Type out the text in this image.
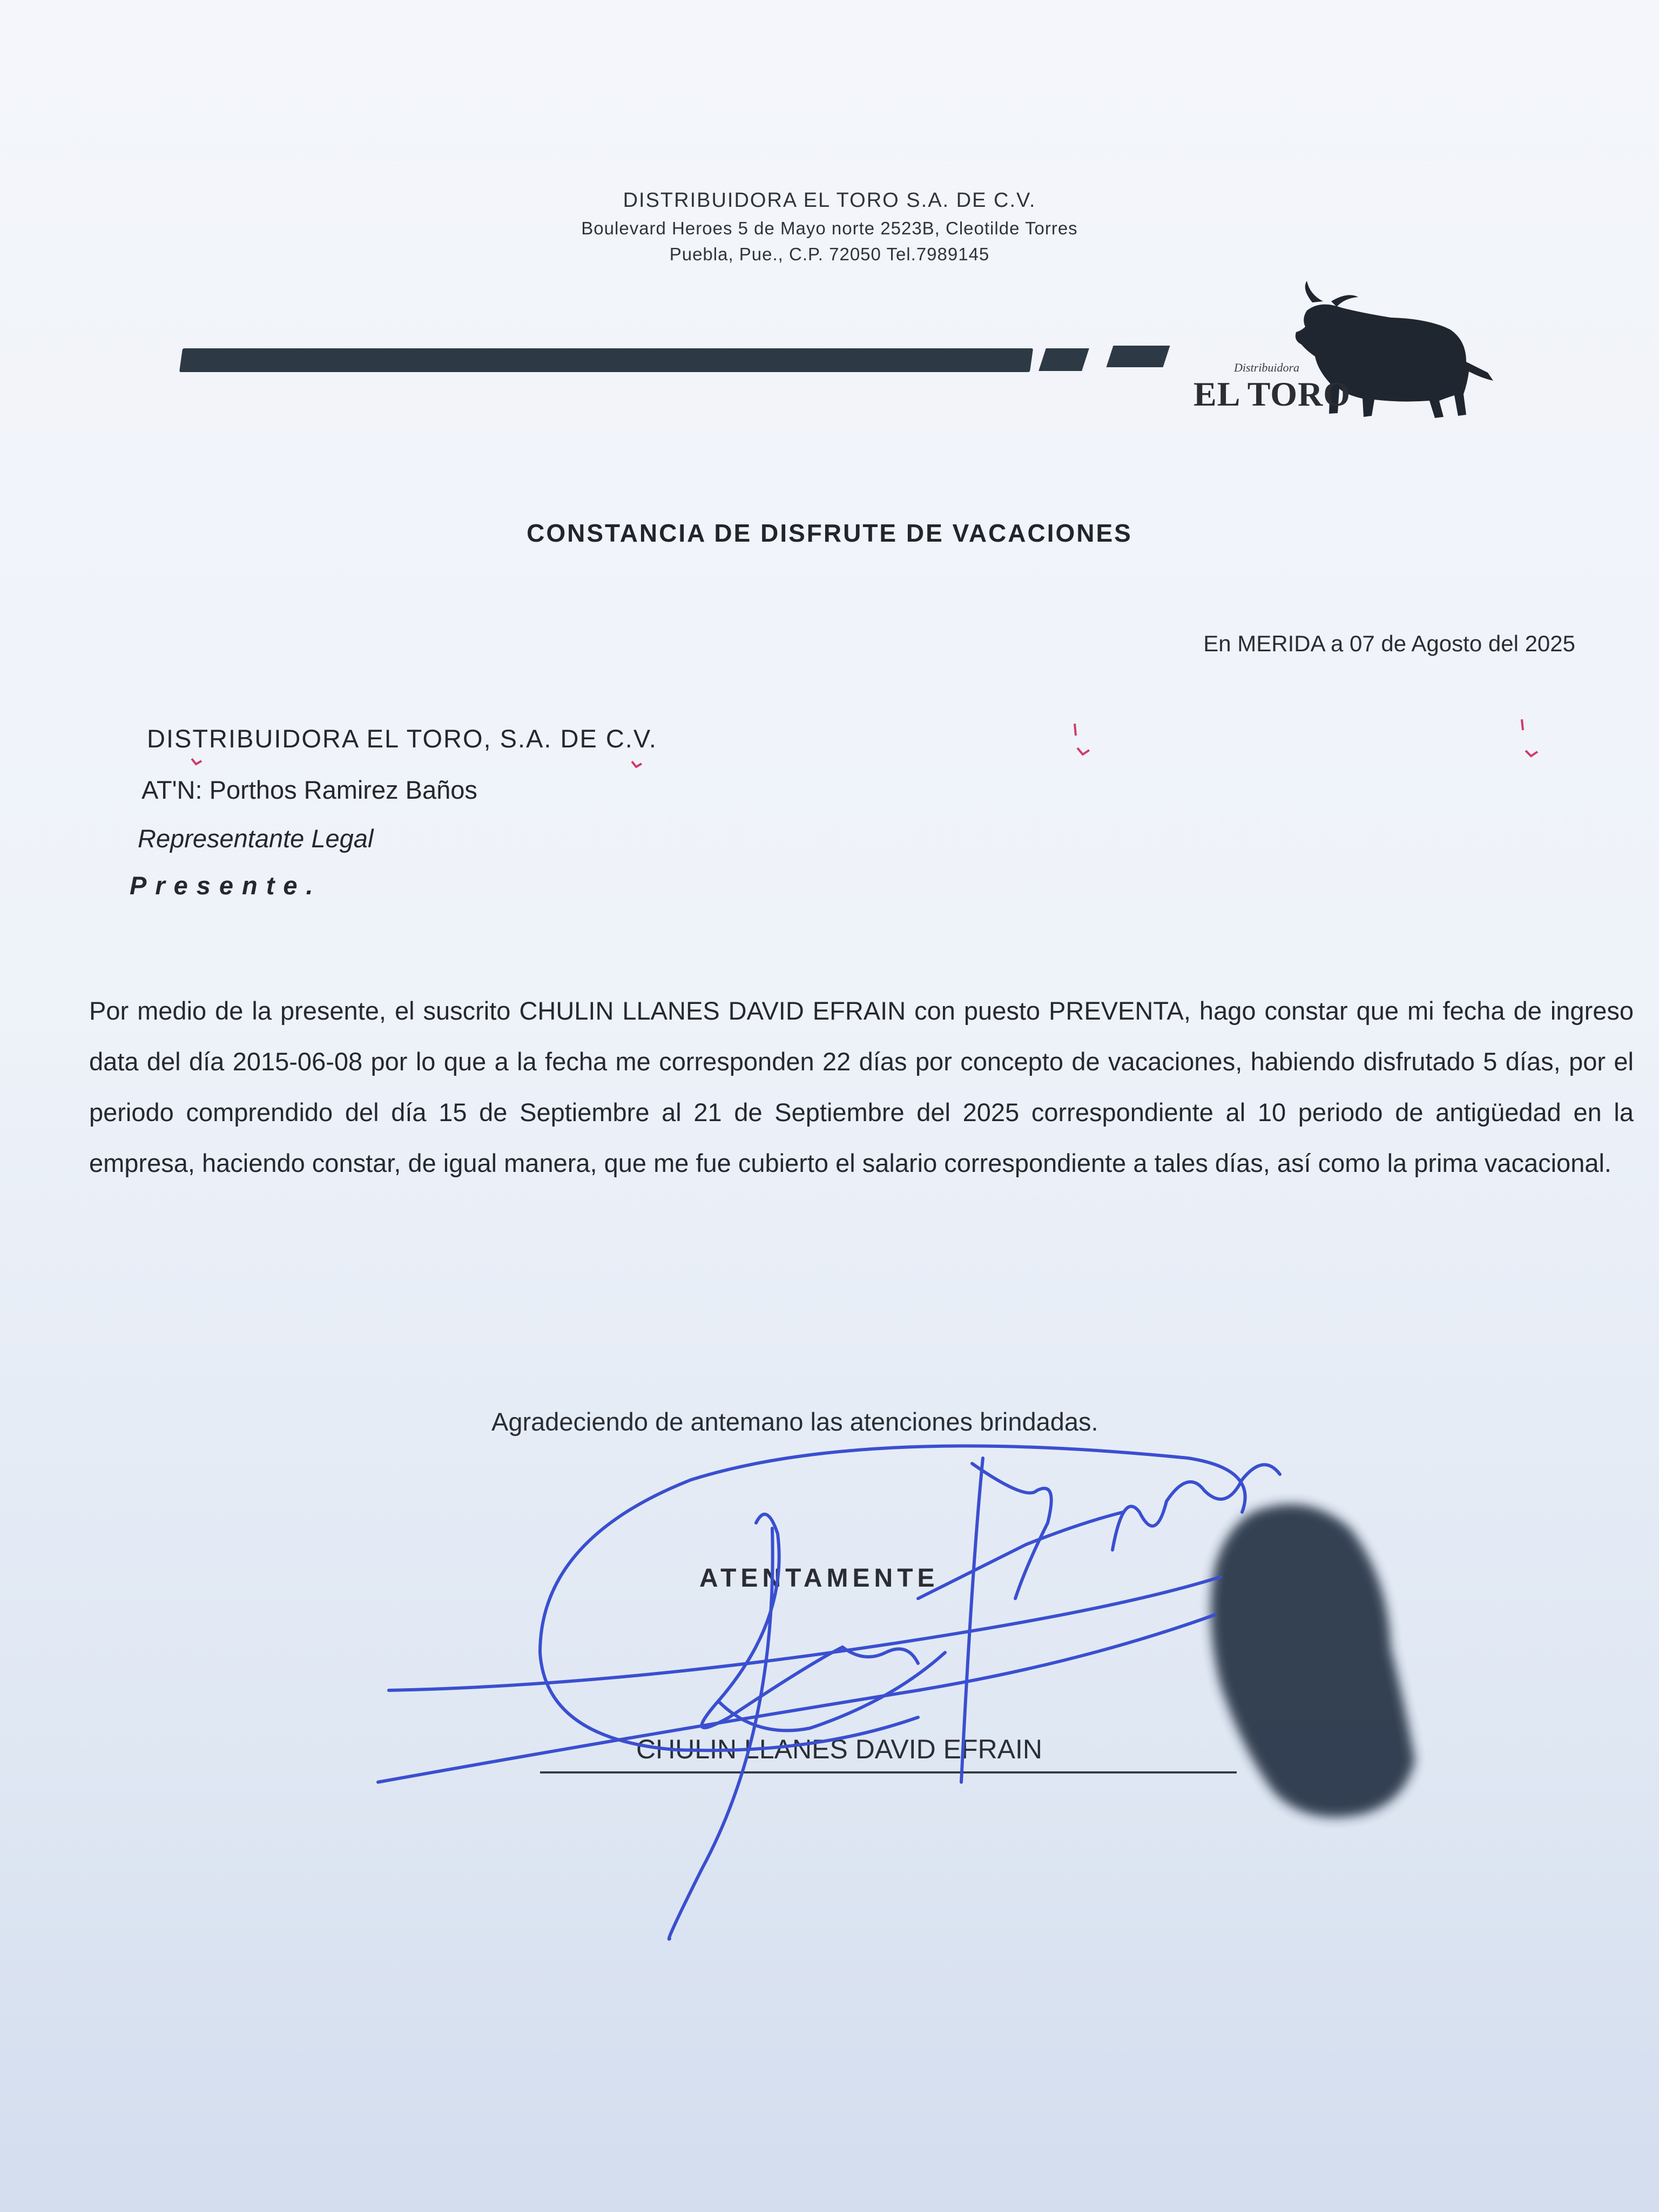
DISTRIBUIDORA EL TORO S.A. DE C.V.
Boulevard Heroes 5 de Mayo norte 2523B, Cleotilde Torres
Puebla, Pue., C.P. 72050 Tel.7989145
Distribuidora
EL TORO
CONSTANCIA DE DISFRUTE DE VACACIONES
En MERIDA a 07 de Agosto del 2025
DISTRIBUIDORA EL TORO, S.A. DE C.V.
AT'N: Porthos Ramirez Baños
Representante Legal
Presente.
Por medio de la presente, el suscrito CHULIN LLANES DAVID EFRAIN con puesto PREVENTA, hago constar que mi fecha de ingreso data del día 2015-06-08 por lo que a la fecha me corresponden 22 días por concepto de vacaciones, habiendo disfrutado 5 días, por el periodo comprendido del día 15 de Septiembre al 21 de Septiembre del 2025 correspondiente al 10 periodo de antigüedad en la empresa, haciendo constar, de igual manera, que me fue cubierto el salario correspondiente a tales días, así como la prima vacacional.
Agradeciendo de antemano las atenciones brindadas.
ATENTAMENTE
CHULIN LLANES DAVID EFRAIN
